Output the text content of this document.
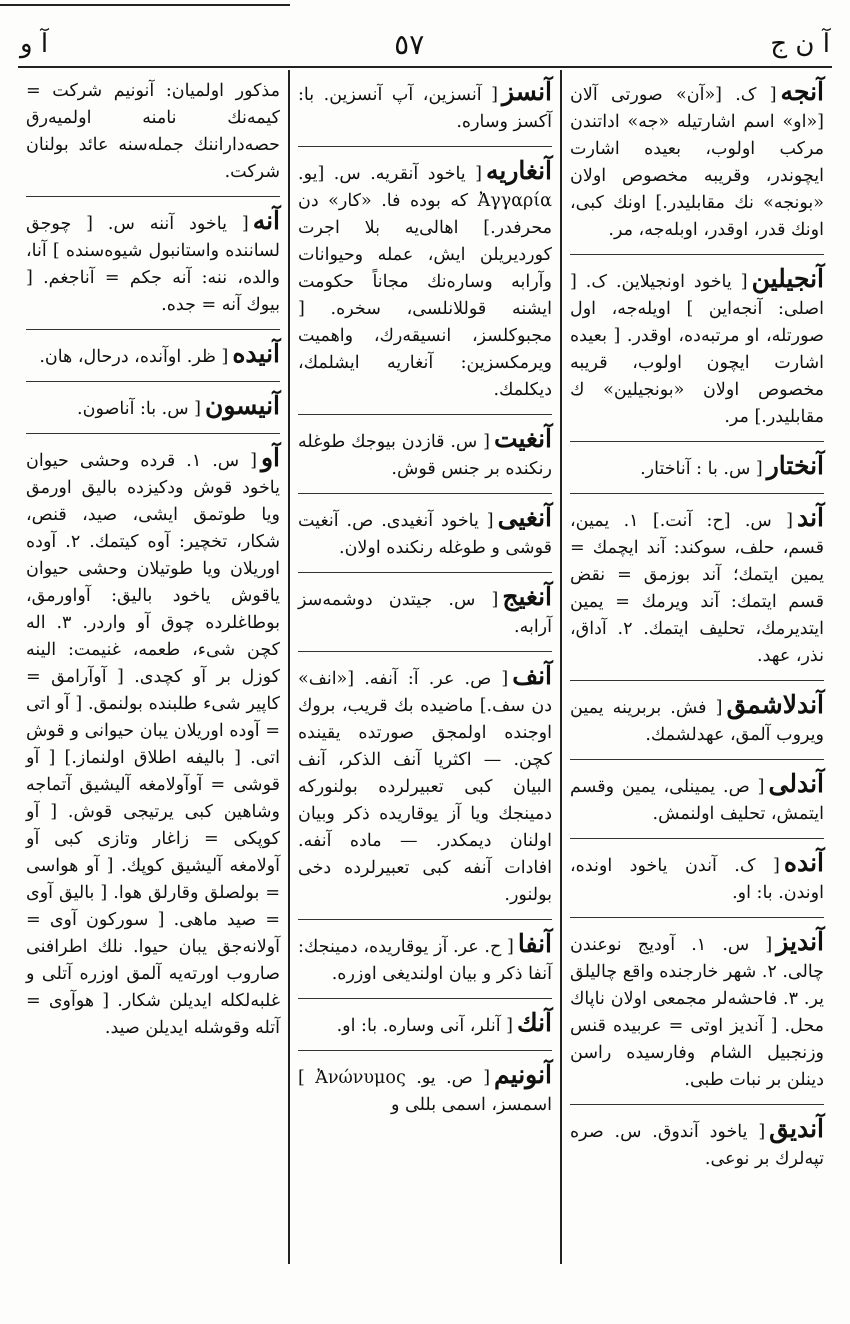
آ ن ج
٥٧
آ و
آنجه[ ک. [«آن» صورتی آلان [«او» اسم اشارتیله «جه» اداتندن مرکب اولوب، بعیده اشارت ایچوندر، وقریبه مخصوص اولان «بونجه» نك مقابلیدر.] اونك کبی، اونك قدر، اوقدر، اوبله‌جه، مر.
آنجیلین[ یاخود اونجیلاین. ک. [ اصلی: آنجه‌این ] اویله‌جه، اول صورتله، او مرتبه‌ده، اوقدر. [ بعیده اشارت ایچون اولوب، قریبه مخصوص اولان «بونجیلین» ك مقابلیدر.] مر.
آنختار[ س. با : آناختار.
آند[ س. [ح: آنت.] ۱. یمین، قسم، حلف، سوکند: آند ایچمك = یمین ایتمك؛ آند بوزمق = نقض قسم ایتمك: آند ویرمك = یمین ایتدیرمك، تحلیف ایتمك. ۲. آداق، نذر، عهد.
آندلاشمق[ فش. بربرینه یمین ویروب آلمق، عهدلشمك.
آندلی[ ص. یمینلی، یمین وقسم ایتمش، تحلیف اولنمش.
آنده[ ک. آندن یاخود اونده، اوندن. با: او.
آندیز[ س. ۱. آودیج نوعندن چالی. ۲. شهر خارجنده واقع چالیلق یر. ۳. فاحشه‌لر مجمعی اولان ناپاك محل. [ آندیز اوتی = عربیده قنس وزنجبیل الشام وفارسیده راسن دینلن بر نبات طبی.
آندیق[ یاخود آندوق. س. صره تپه‌لرك بر نوعی.
آنسز[ آنسزین، آپ آنسزین. با: آکسز وساره.
آنغاریه[ یاخود آنقریه. س. [یو. Ἀγγαρία که بوده فا. «کار» دن محرفدر.] اهالی‌یه بلا اجرت کوردیریلن ایش، عمله وحیوانات وآرابه وساره‌نك مجاناً حکومت ایشنه قوللانلسی، سخره. [ مجبوکلسز، انسیقه‌رك، واهمیت ویرمکسزین: آنغاریه ایشلمك، دیکلمك.
آنغیت[ س. قازدن بیوجك طوغله رنکنده بر جنس قوش.
آنغیی[ یاخود آنغیدی. ص. آنغیت قوشی و طوغله رنکنده اولان.
آنغیج[ س. جیتدن دوشمه‌سز آرابه.
آنف[ ص. عر. آ: آنفه. [«انف» دن سف.] ماضیده بك قریب، بروك اوجنده اولمجق صورتده یقینده کچن. — اکثریا آنف الذکر، آنف البیان کبی تعبیرلرده بولنورکه دمینجك ویا آز یوقاریده ذکر وبیان اولنان دیمکدر. — ماده آنفه. افادات آنفه کبی تعبیرلرده دخی بولنور.
آنفا[ ح. عر. آز یوقاریده، دمینجك: آنفا ذکر و بیان اولندیغی اوزره.
آنك[ آنلر، آنی وساره. با: او.
آنونیم[ ص. یو. Ἀνώνυμος ] اسمسز، اسمی بللی و
مذکور اولمیان: آنونیم شرکت = کیمه‌نك نامنه اولمیه‌رق حصه‌داراننك جمله‌سنه عائد بولنان شرکت.
آنه[ یاخود آننه س. [ چوجق لساننده واستانبول شیوه‌سنده ] آنا، والده، ننه: آنه جکم = آناجغم. [ بیوك آنه = جده.
آنیده[ ظر. اوآنده، درحال، هان.
آنیسون[ س. با: آناصون.
آو[ س. ۱. قرده وحشی حیوان یاخود قوش ودکیزده بالیق اورمق ویا طوتمق ایشی، صید، قنص، شکار، تخچیر: آوه کیتمك. ۲. آوده اوریلان ویا طوتیلان وحشی حیوان یاقوش یاخود بالیق: آواورمق، بوطاغلرده چوق آو واردر. ۳. اله کچن شیء، طعمه، غنیمت: الینه کوزل بر آو کچدی. [ آوآرامق = کاپیر شیء طلبنده بولنمق. [ آو اتی = آوده اوریلان یبان حیوانی و قوش اتی. [ بالیفه اطلاق اولنماز.] [ آو قوشی = آوآولامغه آلیشیق آتماجه وشاهین کبی یرتیجی قوش. [ آو کوپکی = زاغار وتازی کبی آو آولامغه آلیشیق کوپك. [ آو هواسی = بولصلق وقارلق هوا. [ بالیق آوی = صید ماهی. [ سورکون آوی = آولانه‌جق یبان حیوا. نلك اطرافنی صاروب اورته‌یه آلمق اوزره آتلی و غلبه‌لکله ایدیلن شکار. [ هوآوی = آتله وقوشله ایدیلن صید.
